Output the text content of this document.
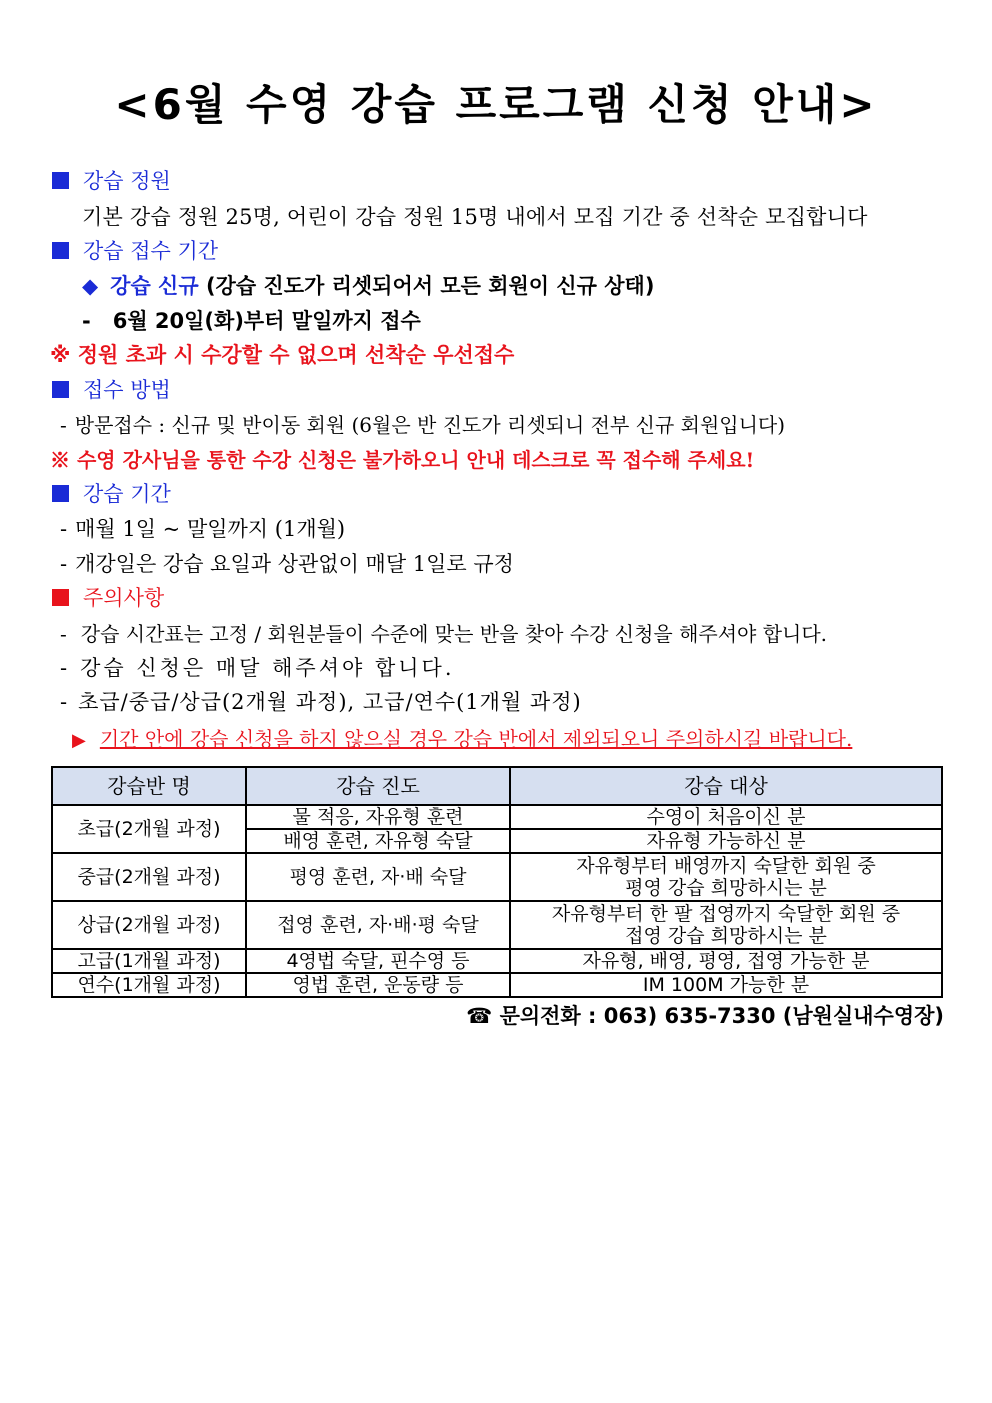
<6월 수영 강습 프로그램 신청 안내>
강습 정원
기본 강습 정원 25명, 어린이 강습 정원 15명 내에서 모집 기간 중 선착순 모집합니다
강습 접수 기간
◆ 강습 신규 (강습 진도가 리셋되어서 모든 회원이 신규 상태)
- 6월 20일(화)부터 말일까지 접수
※ 정원 초과 시 수강할 수 없으며 선착순 우선접수
접수 방법
- 방문접수 : 신규 및 반이동 회원 (6월은 반 진도가 리셋되니 전부 신규 회원입니다)
※ 수영 강사님을 통한 수강 신청은 불가하오니 안내 데스크로 꼭 접수해 주세요!
강습 기간
- 매월 1일 ~ 말일까지 (1개월)
- 개강일은 강습 요일과 상관없이 매달 1일로 규정
주의사항
- 강습 시간표는 고정 / 회원분들이 수준에 맞는 반을 찾아 수강 신청을 해주셔야 합니다.
- 강습 신청은 매달 해주셔야 합니다.
- 초급/중급/상급(2개월 과정), 고급/연수(1개월 과정)
▶ 기간 안에 강습 신청을 하지 않으실 경우 강습 반에서 제외되오니 주의하시길 바랍니다.
강습반 명	강습 진도	강습 대상
초급(2개월 과정)	물 적응, 자유형 훈련	수영이 처음이신 분
	배영 훈련, 자유형 숙달	자유형 가능하신 분
중급(2개월 과정)	평영 훈련, 자·배 숙달	자유형부터 배영까지 숙달한 회원 중
평영 강습 희망하시는 분

상급(2개월 과정)	접영 훈련, 자·배·평 숙달	자유형부터 한 팔 접영까지 숙달한 회원 중
접영 강습 희망하시는 분

고급(1개월 과정)	4영법 숙달, 핀수영 등	자유형, 배영, 평영, 접영 가능한 분
연수(1개월 과정)	영법 훈련, 운동량 등	IM 100M 가능한 분
☎ 문의전화 : 063) 635-7330 (남원실내수영장)
